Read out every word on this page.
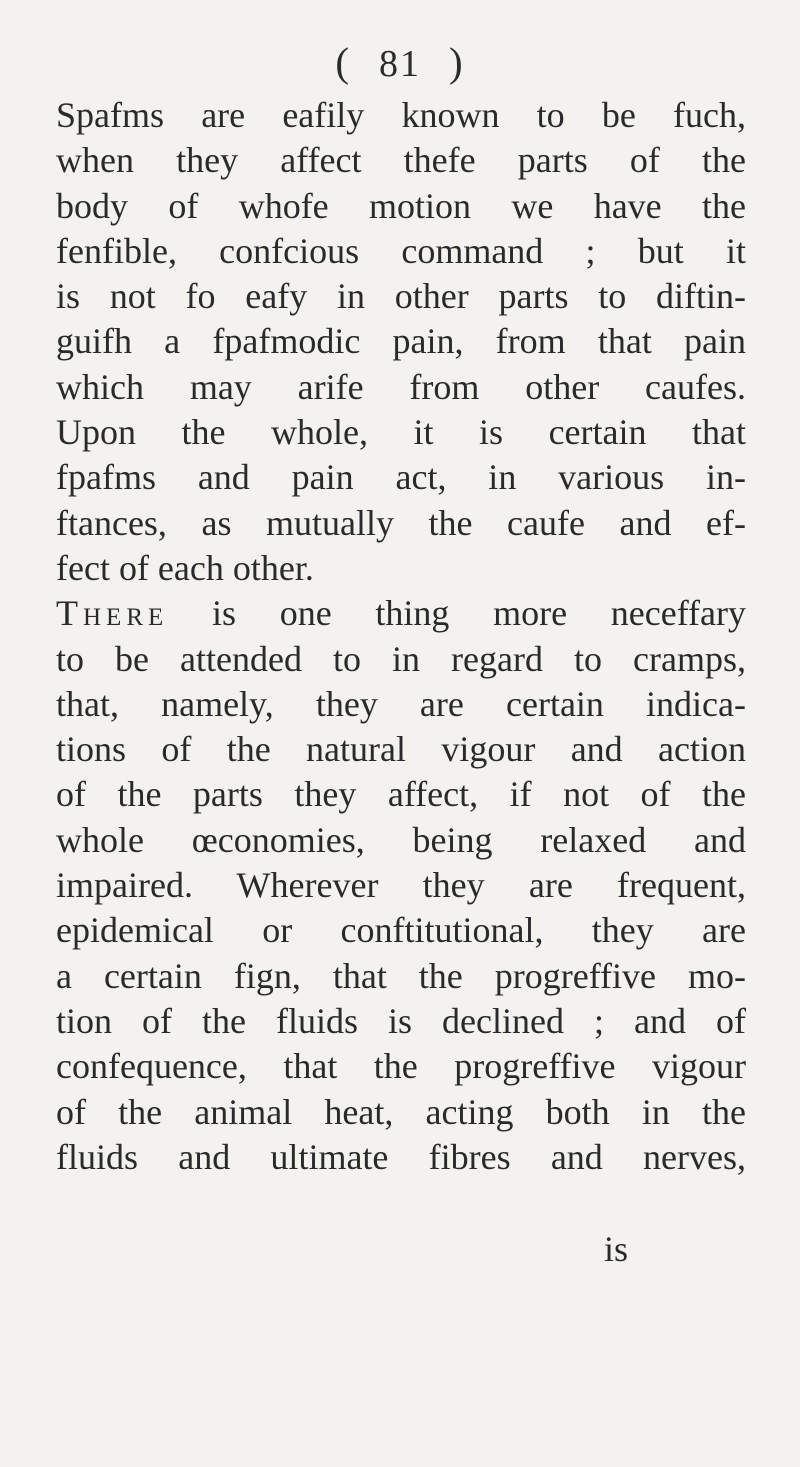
( 81 )
Spafms are eafily known to be fuch,
when they affect thefe parts of the
body of whofe motion we have the
fenfible, confcious command ; but it
is not fo eafy in other parts to diftin-
guifh a fpafmodic pain, from that pain
which may arife from other caufes.
Upon the whole, it is certain that
fpafms and pain act, in various in-
ftances, as mutually the caufe and ef-
fect of each other.
There is one thing more neceffary
to be attended to in regard to cramps,
that, namely, they are certain indica-
tions of the natural vigour and action
of the parts they affect, if not of the
whole œconomies, being relaxed and
impaired. Wherever they are frequent,
epidemical or conftitutional, they are
a certain fign, that the progreffive mo-
tion of the fluids is declined ; and of
confequence, that the progreffive vigour
of the animal heat, acting both in the
fluids and ultimate fibres and nerves,
is
